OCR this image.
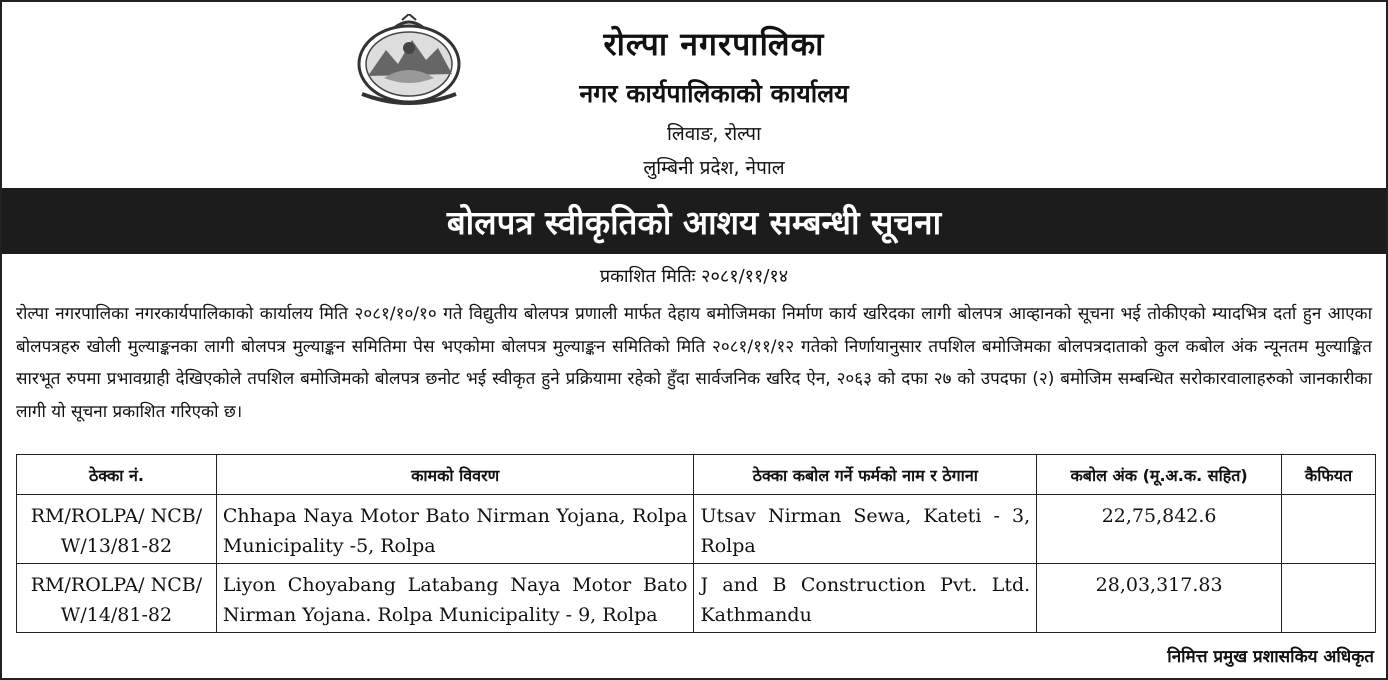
रोल्पा नगरपालिका
नगर कार्यपालिकाको कार्यालय
लिवाङ, रोल्पा
लुम्बिनी प्रदेश, नेपाल
बोलपत्र स्वीकृतिको आशय सम्बन्धी सूचना
प्रकाशित मितिः २०८१/११/१४
रोल्पा नगरपालिका नगरकार्यपालिकाको कार्यालय मिति २०८१/१०/१० गते विद्युतीय बोलपत्र प्रणाली मार्फत देहाय बमोजिमका निर्माण कार्य खरिदका लागी बोलपत्र आव्हानको सूचना भई तोकीएको म्यादभित्र दर्ता हुन आएका बोलपत्रहरु खोली मुल्याङ्कनका लागी बोलपत्र मुल्याङ्कन समितिमा पेस भएकोमा बोलपत्र मुल्याङ्कन समितिको मिति २०८१/११/१२ गतेको निर्णायानुसार तपशिल बमोजिमका बोलपत्रदाताको कुल कबोल अंक न्यूनतम मुल्याङ्कित सारभूत रुपमा प्रभावग्राही देखिएकोले तपशिल बमोजिमको बोलपत्र छनोट भई स्वीकृत हुने प्रक्रियामा रहेको हुँदा सार्वजनिक खरिद ऐन, २०६३ को दफा २७ को उपदफा (२) बमोजिम सम्बन्धित सरोकारवालाहरुको जानकारीका लागी यो सूचना प्रकाशित गरिएको छ।
ठेक्का नं.	कामको विवरण	ठेक्का कबोल गर्ने फर्मको नाम र ठेगाना	कबोल अंक (मू.अ.क. सहित)	कैफियत
RM/ROLPA/ NCB/ W/13/81-82	Chhapa Naya Motor Bato Nirman Yojana, Rolpa Municipality -5, Rolpa	Utsav Nirman Sewa, Kateti - 3, Rolpa	22,75,842.6	
RM/ROLPA/ NCB/ W/14/81-82	Liyon Choyabang Latabang Naya Motor Bato Nirman Yojana. Rolpa Municipality - 9, Rolpa	J and B Construction Pvt. Ltd. Kathmandu	28,03,317.83	
निमित्त प्रमुख प्रशासकिय अधिकृत
